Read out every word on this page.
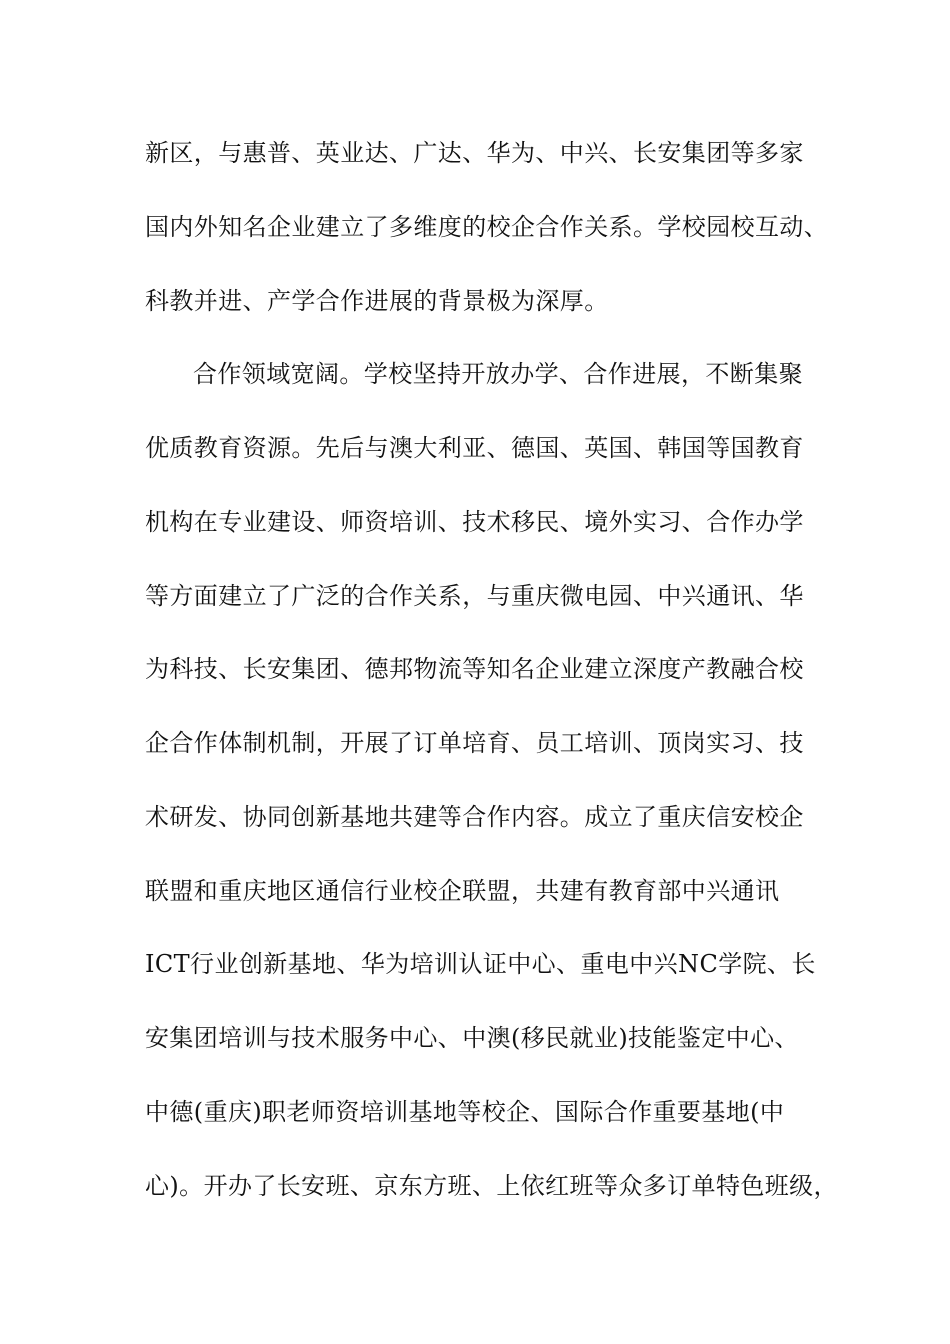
新区，与惠普、英业达、广达、华为、中兴、长安集团等多家
国内外知名企业建立了多维度的校企合作关系。学校园校互动、
科教并进、产学合作进展的背景极为深厚。
合作领域宽阔。学校坚持开放办学、合作进展，不断集聚
优质教育资源。先后与澳大利亚、德国、英国、韩国等国教育
机构在专业建设、师资培训、技术移民、境外实习、合作办学
等方面建立了广泛的合作关系，与重庆微电园、中兴通讯、华
为科技、长安集团、德邦物流等知名企业建立深度产教融合校
企合作体制机制，开展了订单培育、员工培训、顶岗实习、技
术研发、协同创新基地共建等合作内容。成立了重庆信安校企
联盟和重庆地区通信行业校企联盟，共建有教育部中兴通讯
ICT行业创新基地、华为培训认证中心、重电中兴NC学院、长
安集团培训与技术服务中心、中澳(移民就业)技能鉴定中心、
中德(重庆)职老师资培训基地等校企、国际合作重要基地(中
心)。开办了长安班、京东方班、上依红班等众多订单特色班级，
